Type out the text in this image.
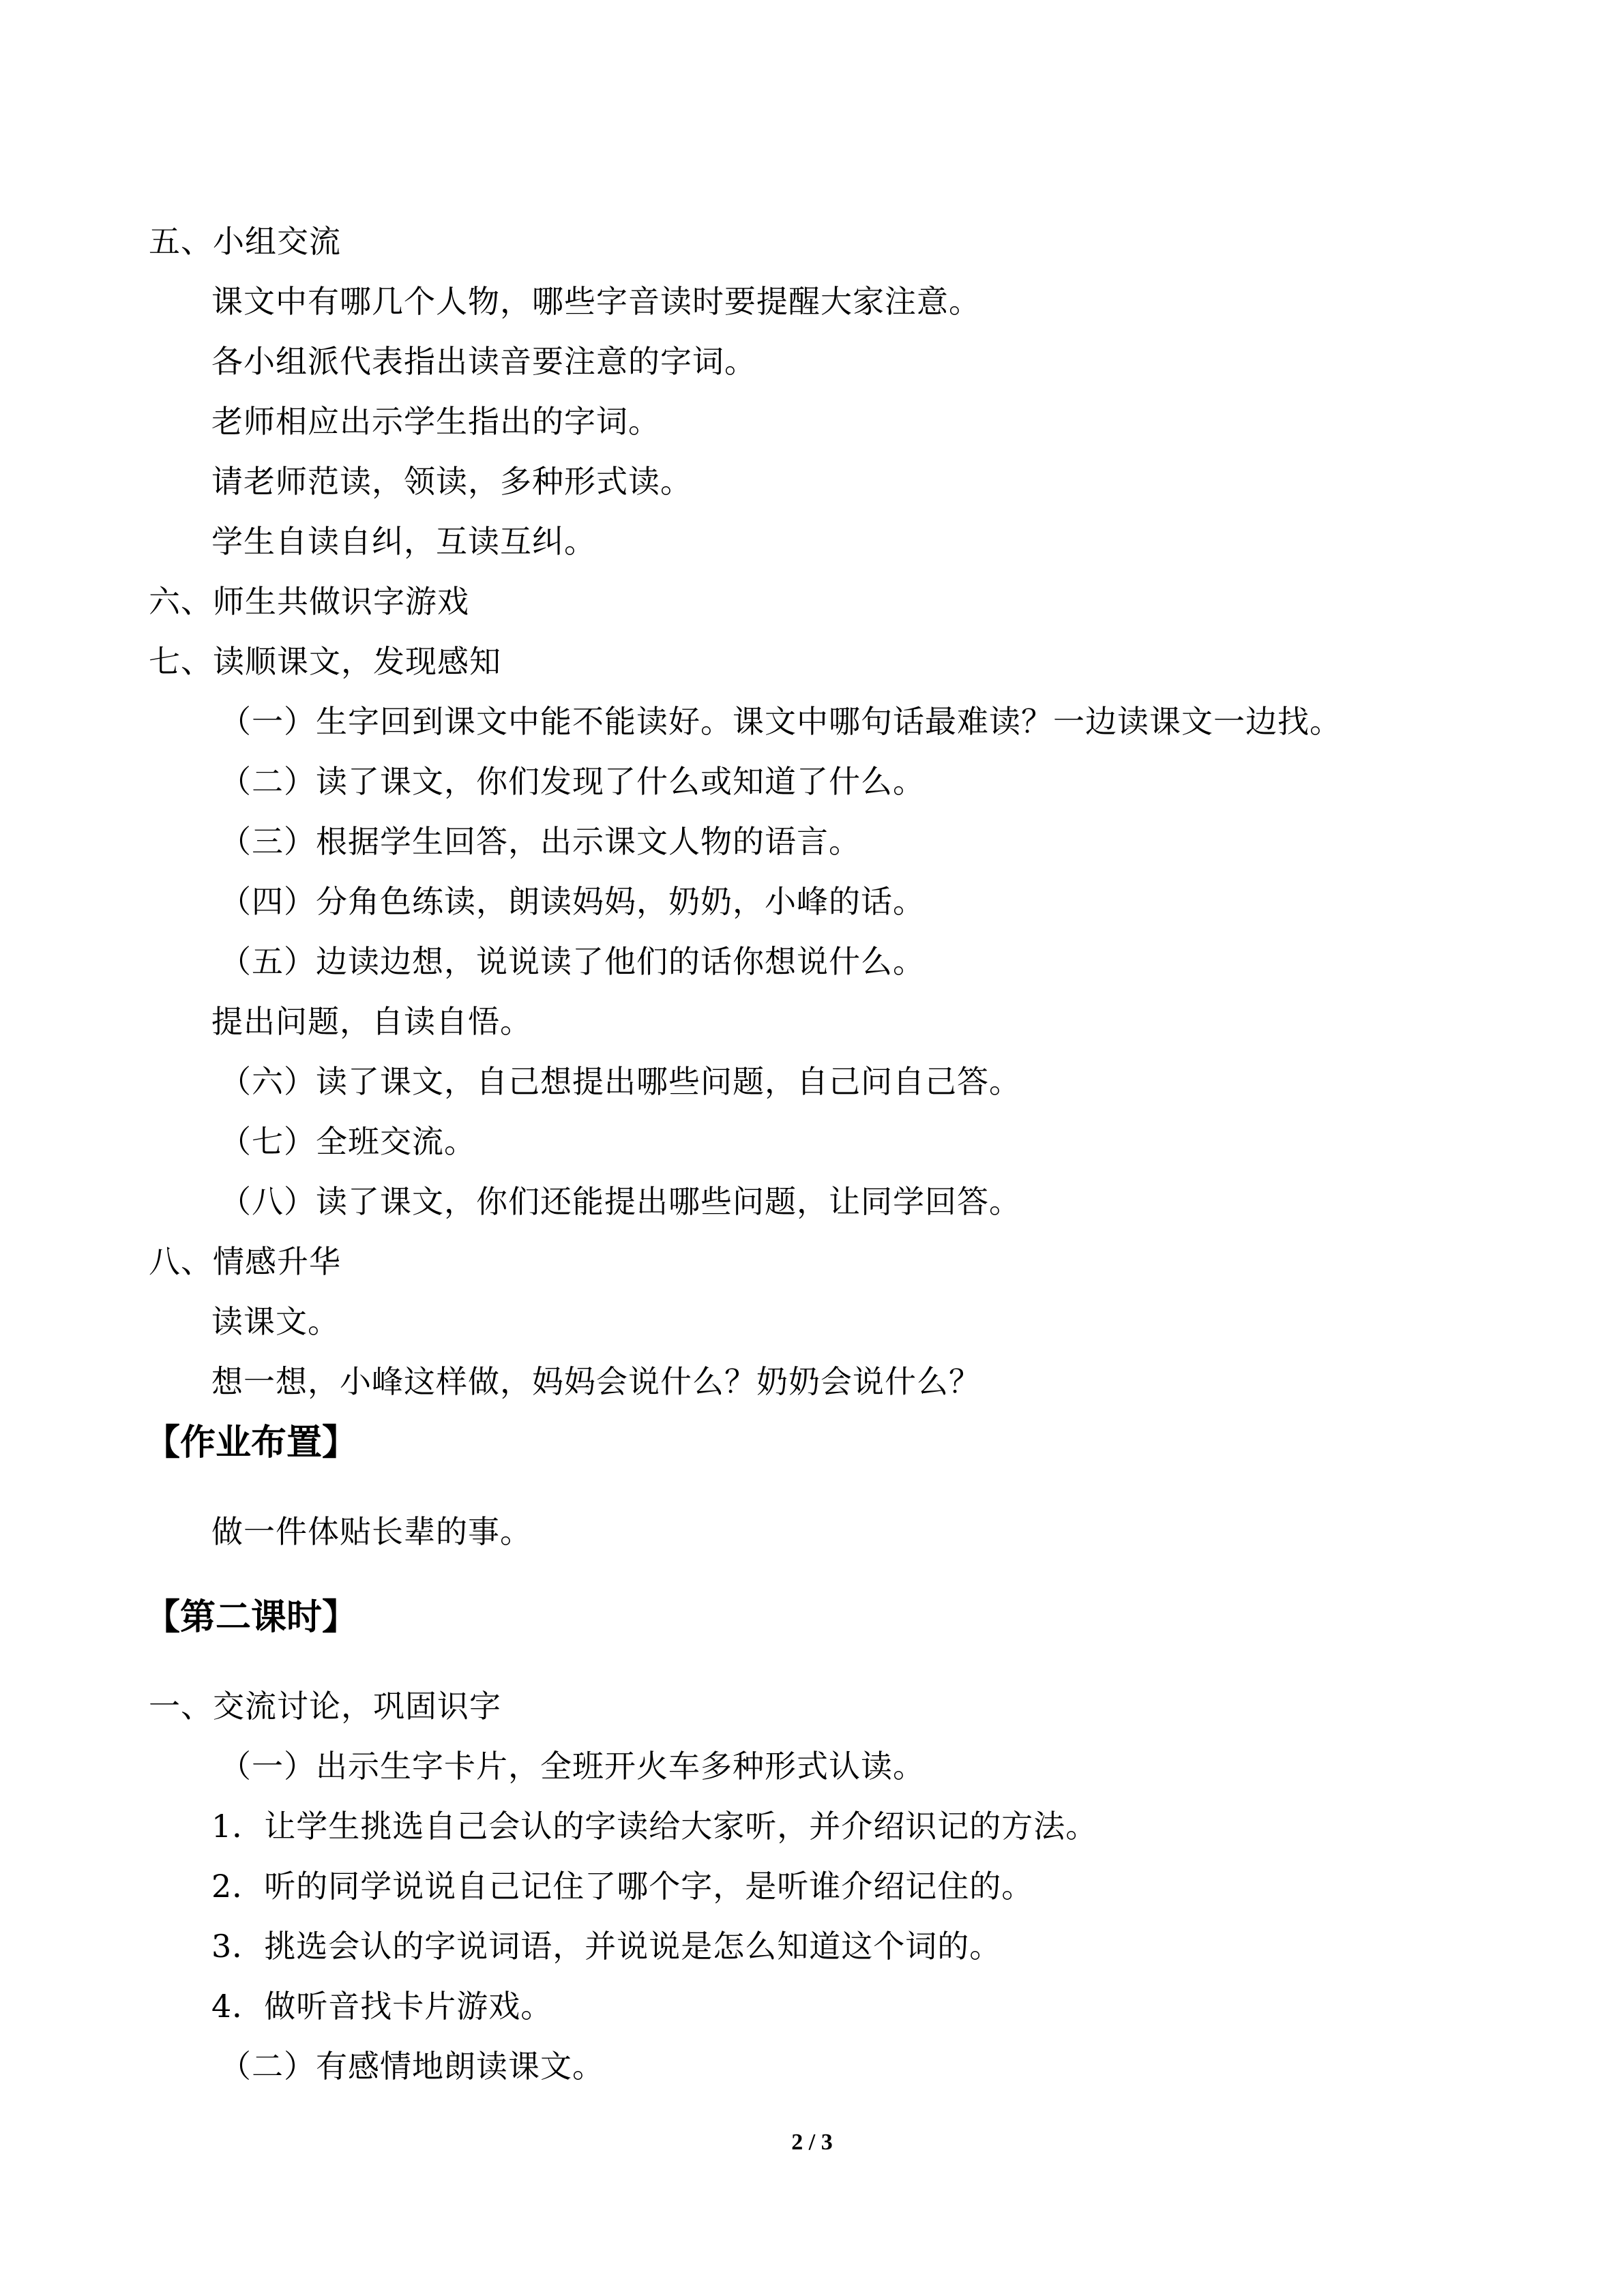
五、小组交流
课文中有哪几个人物，哪些字音读时要提醒大家注意。
各小组派代表指出读音要注意的字词。
老师相应出示学生指出的字词。
请老师范读，领读，多种形式读。
学生自读自纠，互读互纠。
六、师生共做识字游戏
七、读顺课文，发现感知
（一）生字回到课文中能不能读好。课文中哪句话最难读？一边读课文一边找。
（二）读了课文，你们发现了什么或知道了什么。
（三）根据学生回答，出示课文人物的语言。
（四）分角色练读，朗读妈妈，奶奶，小峰的话。
（五）边读边想，说说读了他们的话你想说什么。
提出问题，自读自悟。
（六）读了课文，自己想提出哪些问题，自己问自己答。
（七）全班交流。
（八）读了课文，你们还能提出哪些问题，让同学回答。
八、情感升华
读课文。
想一想，小峰这样做，妈妈会说什么？奶奶会说什么？
【作业布置】
做一件体贴长辈的事。
【第二课时】
一、交流讨论，巩固识字
（一）出示生字卡片，全班开火车多种形式认读。
1．让学生挑选自己会认的字读给大家听，并介绍识记的方法。
2．听的同学说说自己记住了哪个字，是听谁介绍记住的。
3．挑选会认的字说词语，并说说是怎么知道这个词的。
4．做听音找卡片游戏。
（二）有感情地朗读课文。
2 / 3
